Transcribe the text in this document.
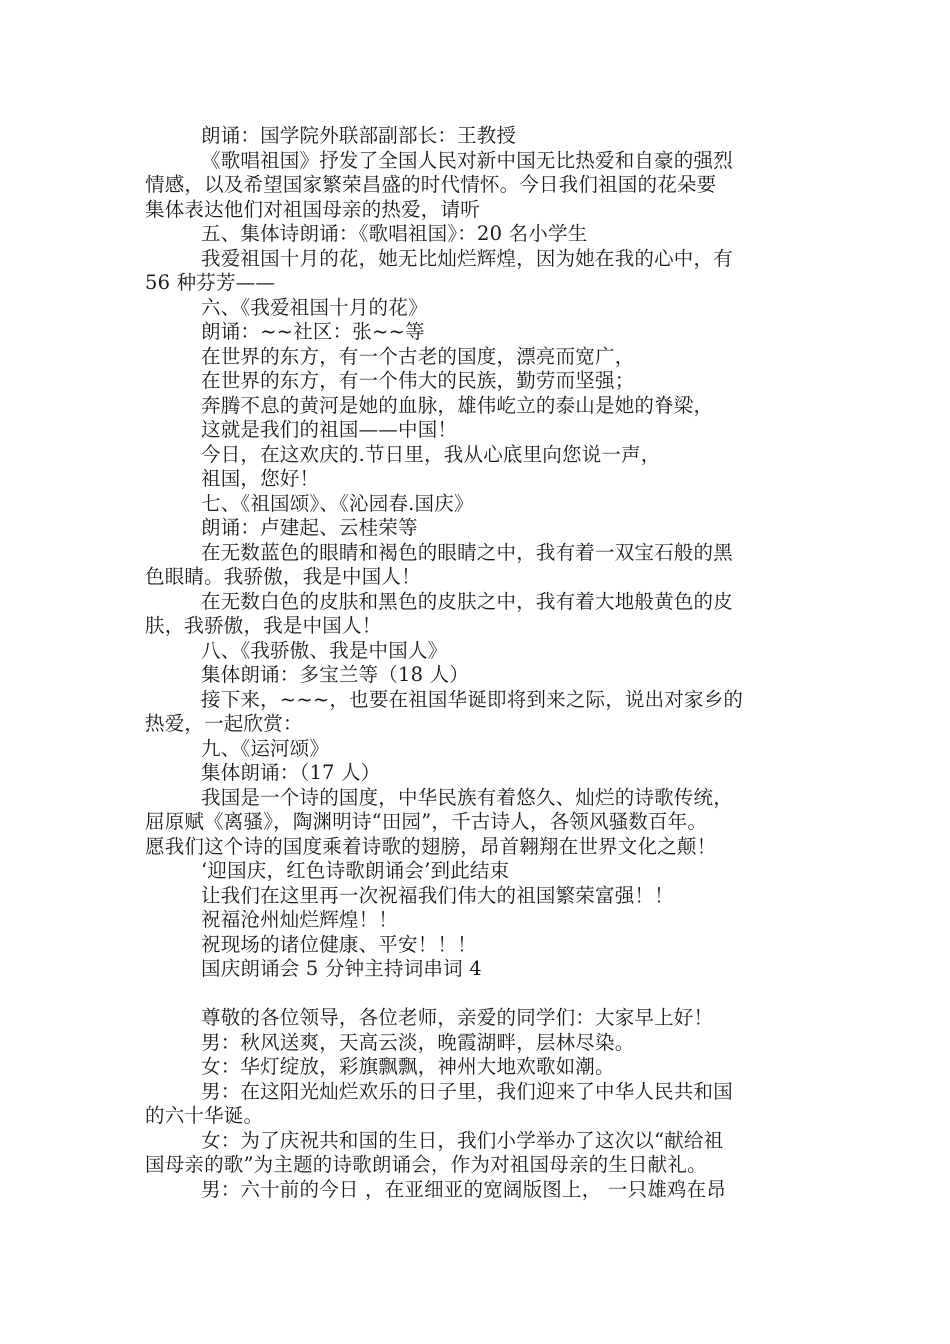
朗诵：国学院外联部副部长：王教授
《歌唱祖国》抒发了全国人民对新中国无比热爱和自豪的强烈
情感，以及希望国家繁荣昌盛的时代情怀。今日我们祖国的花朵要
集体表达他们对祖国母亲的热爱，请听
五、集体诗朗诵：《歌唱祖国》：20 名小学生
我爱祖国十月的花，她无比灿烂辉煌，因为她在我的心中，有
56 种芬芳——
六、《我爱祖国十月的花》
朗诵：~~社区：张~~等
在世界的东方，有一个古老的国度，漂亮而宽广，
在世界的东方，有一个伟大的民族，勤劳而坚强；
奔腾不息的黄河是她的血脉，雄伟屹立的泰山是她的脊梁，
这就是我们的祖国——中国！
今日，在这欢庆的.节日里，我从心底里向您说一声，
祖国，您好！
七、《祖国颂》、《沁园春.国庆》
朗诵：卢建起、云桂荣等
在无数蓝色的眼睛和褐色的眼睛之中，我有着一双宝石般的黑
色眼睛。我骄傲，我是中国人！
在无数白色的皮肤和黑色的皮肤之中，我有着大地般黄色的皮
肤，我骄傲，我是中国人！
八、《我骄傲、我是中国人》
集体朗诵：多宝兰等（18 人）
接下来，~~~，也要在祖国华诞即将到来之际，说出对家乡的
热爱，一起欣赏：
九、《运河颂》
集体朗诵：（17 人）
我国是一个诗的国度，中华民族有着悠久、灿烂的诗歌传统，
屈原赋《离骚》，陶渊明诗“田园”，千古诗人，各领风骚数百年。
愿我们这个诗的国度乘着诗歌的翅膀，昂首翱翔在世界文化之颠！
‘迎国庆，红色诗歌朗诵会’到此结束
让我们在这里再一次祝福我们伟大的祖国繁荣富强！！
祝福沧州灿烂辉煌！！
祝现场的诸位健康、平安！！！
国庆朗诵会 5 分钟主持词串词 4
尊敬的各位领导，各位老师，亲爱的同学们：大家早上好！
男：秋风送爽，天高云淡，晚霞湖畔，层林尽染。
女：华灯绽放，彩旗飘飘，神州大地欢歌如潮。
男：在这阳光灿烂欢乐的日子里，我们迎来了中华人民共和国
的六十华诞。
女：为了庆祝共和国的生日，我们小学举办了这次以“献给祖
国母亲的歌”为主题的诗歌朗诵会，作为对祖国母亲的生日献礼。
男：六十前的今日 ，在亚细亚的宽阔版图上， 一只雄鸡在昂
